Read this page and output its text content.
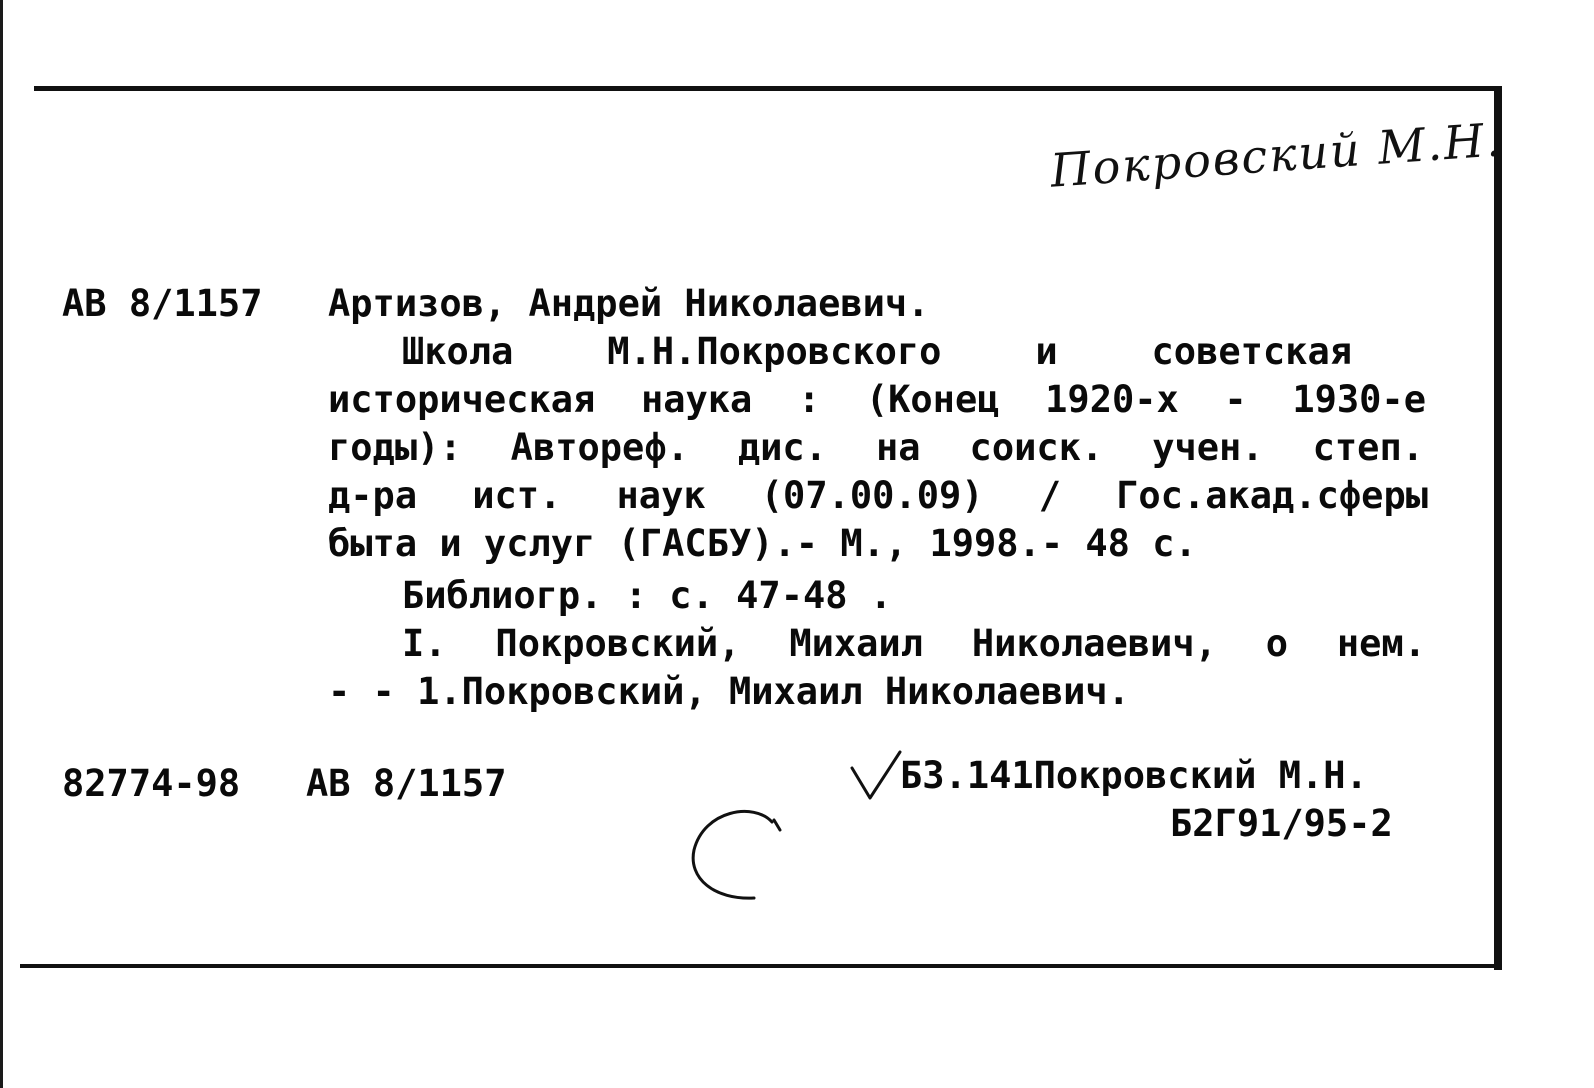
Покровский М.Н.
АВ 8/1157 Артизов, Андрей Николаевич.
Школа М.Н.Покровского и советская
историческая наука : (Конец 1920-х - 1930-е
годы): Автореф. дис. на соиск. учен. степ.
д-ра ист. наук (07.00.09) / Гос.акад.сферы
быта и услуг (ГАСБУ).- М., 1998.- 48 с.
Библиогр. : с. 47-48 .
I. Покровский, Михаил Николаевич, о нем.
- - 1.Покровский, Михаил Николаевич.
82774-98 АВ 8/1157	Б3.141Покровский М.Н.
Б2Г91/95-2
